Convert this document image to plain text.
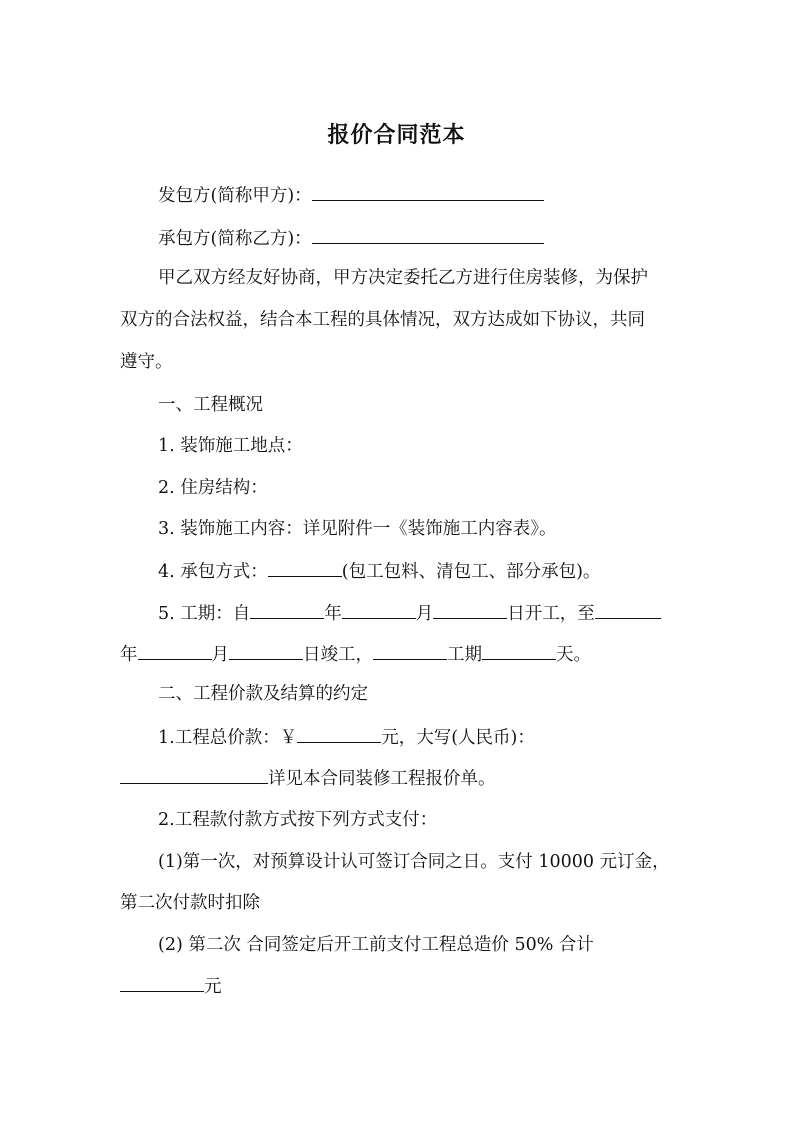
报价合同范本
发包方(简称甲方)：
承包方(简称乙方)：
甲乙双方经友好协商，甲方决定委托乙方进行住房装修，为保护
双方的合法权益，结合本工程的具体情况，双方达成如下协议，共同
遵守。
一、工程概况
1. 装饰施工地点：
2. 住房结构：
3. 装饰施工内容：详见附件一《装饰施工内容表》。
4. 承包方式：	(包工包料、清包工、部分承包)。
5. 工期：自	年	月	日开工，至
年	月	日竣工，	工期	天。
二、工程价款及结算的约定
1.工程总价款：￥	元，大写(人民币)：
详见本合同装修工程报价单。
2.工程款付款方式按下列方式支付：
(1)第一次，对预算设计认可签订合同之日。支付 10000 元订金，
第二次付款时扣除
(2) 第二次 合同签定后开工前支付工程总造价 50% 合计
元
